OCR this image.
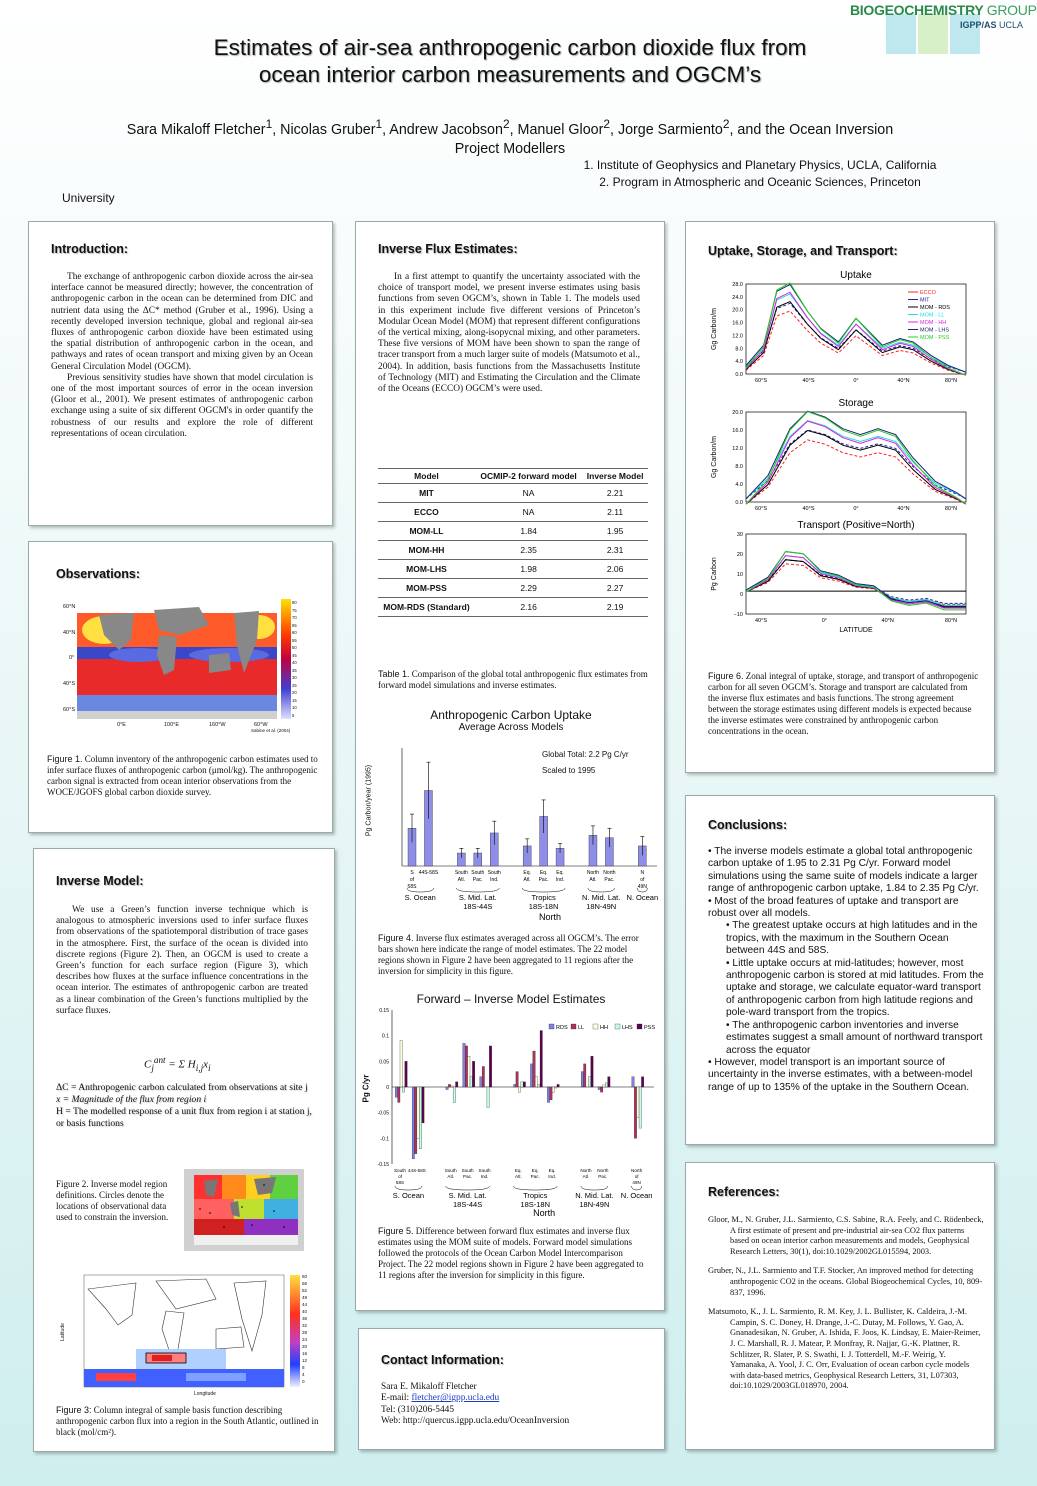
BIOGEOCHEMISTRY GROUP
IGPP/AS UCLA
Estimates of air-sea anthropogenic carbon dioxide flux from
ocean interior carbon measurements and OGCM’s
Sara Mikaloff Fletcher$^1$, Nicolas Gruber$^1$, Andrew Jacobson$^2$, Manuel Gloor$^2$, Jorge Sarmiento$^2$, and the Ocean Inversion
Project Modellers
1. Institute of Geophysics and Planetary Physics, UCLA, California
2. Program in Atmospheric and Oceanic Sciences, Princeton
University
Introduction:

The exchange of anthropogenic carbon dioxide across the air-sea interface cannot be measured directly; however, the concentration of anthropogenic carbon in the ocean can be determined from DIC and nutrient data using the ΔC* method (Gruber et al., 1996). Using a recently developed inversion technique, global and regional air-sea fluxes of anthropogenic carbon dioxide have been estimated using the spatial distribution of anthropogenic carbon in the ocean, and pathways and rates of ocean transport and mixing given by an Ocean General Circulation Model (OGCM).

Previous sensitivity studies have shown that model circulation is one of the most important sources of error in the ocean inversion (Gloor et al., 2001). We present estimates of anthropogenic carbon exchange using a suite of six different OGCM's in order quantify the robustness of our results and explore the role of different representations of ocean circulation.

Observations:
60°N
40°N
0°
40°S
60°S
0°E	100°E	160°W	60°W
Sabine et al. (2004)
80
75
70
65
60
55
50
45
40
35
30
25
20
15
10
5
Figure 1. Column inventory of the anthropogenic carbon estimates used to infer surface fluxes of anthropogenic carbon (μmol/kg). The anthropogenic carbon signal is extracted from ocean interior observations from the WOCE/JGOFS global carbon dioxide survey.
Inverse Model:

We use a Green’s function inverse technique which is analogous to atmospheric inversions used to infer surface fluxes from observations of the spatiotemporal distribution of trace gases in the atmosphere. First, the surface of the ocean is divided into discrete regions (Figure 2). Then, an OGCM is used to create a Green’s function for each surface region (Figure 3), which describes how fluxes at the surface influence concentrations in the ocean interior. The estimates of anthropogenic carbon are treated as a linear combination of the Green’s functions multiplied by the surface fluxes.

$C_j^{ant} = \Sigma$ $H_{i,j}x_i$
ΔC = Anthropogenic carbon calculated from observations at site j
x = Magnitude of the flux from region i
H = The modelled response of a unit flux from region i at station j, or basis functions
Figure 2. Inverse model region definitions. Circles denote the locations of observational data used to constrain the inversion.
Longitude
Latitude
60
56
52
48
44
40
36
32
28
24
20
16
12
8
4
0
Figure 3: Column integral of sample basis function describing anthropogenic carbon flux into a region in the South Atlantic, outlined in black (mol/cm²).
Inverse Flux Estimates:

In a first attempt to quantify the uncertainty associated with the choice of transport model, we present inverse estimates using basis functions from seven OGCM’s, shown in Table 1. The models used in this experiment include five different versions of Princeton’s Modular Ocean Model (MOM) that represent different configurations of the vertical mixing, along-isopycnal mixing, and other parameters. These five versions of MOM have been shown to span the range of tracer transport from a much larger suite of models (Matsumoto et al., 2004). In addition, basis functions from the Massachusetts Institute of Technology (MIT) and Estimating the Circulation and the Climate of the Oceans (ECCO) OGCM’s were used.

Model	OCMIP-2 forward model	Inverse Model
MIT	NA	2.21
ECCO	NA	2.11
MOM-LL	1.84	1.95
MOM-HH	2.35	2.31
MOM-LHS	1.98	2.06
MOM-PSS	2.29	2.27
MOM-RDS (Standard)	2.16	2.19
Table 1. Comparison of the global total anthropogenic flux estimates from forward model simulations and inverse estimates.
Anthropogenic Carbon Uptake
Average Across Models
Global Total: 2.2 Pg C/yr
Scaled to 1995
Pg Carbon/year (1995)
S
of
58S
44S-58S	South
Atl.
South
Pac.
South
Ind.
Eq.
Atl.
Eq.
Pac.
Eq.
Ind.
North
Atl.
North
Pac.
N
of
49N
S. Ocean	S. Mid. Lat.
18S-44S
Tropics
18S-18N
N. Mid. Lat.
18N-49N
N. Ocean
North
Figure 4. Inverse flux estimates averaged across all OGCM’s. The error bars shown here indicate the range of model estimates. The 22 model regions shown in Figure 2 have been aggregated to 11 regions after the inversion for simplicity in this figure.
Forward – Inverse Model Estimates
Pg C/yr
0.15
0.1
0.05
0
-0.05
-0.1
-0.15
RDS LL	HH	LHS PSS
South
of
58S
44S-58S	South
Atl.
South
Pac.
South
Ind.
Eq.
Atl.
Eq.
Pac.
Eq.
Ind.
North
Atl.
North
Pac.
North
of
49N
S. Ocean	S. Mid. Lat.
18S-44S
Tropics
18S-18N
N. Mid. Lat.
18N-49N
N. Ocean
North
Figure 5. Difference between forward flux estimates and inverse flux estimates using the MOM suite of models. Forward model simulations followed the protocols of the Ocean Carbon Model Intercomparison Project. The 22 model regions shown in Figure 2 have been aggregated to 11 regions after the inversion for simplicity in this figure.
Contact Information:
Sara E. Mikaloff Fletcher
E-mail: fletcher@igpp.ucla.edu
Tel: (310)206-5445
Web: http://quercus.igpp.ucla.edu/OceanInversion
Uptake, Storage, and Transport:
Uptake
28.0
24.0
20.0
16.0
12.0
8.0
4.0
0.0
60°S	40°S	0°	40°N	80°N
Gg Carbon/m
ECCO
MIT
MOM - RDS
MOM - LL
MOM - HH
MOM - LHS
MOM - PSS
Storage
20.0
16.0
12.0
8.0
4.0
0.0
60°S	40°S	0°	40°N	80°N
Gg Carbon/m
Transport (Positive=North)
30
20
10
0
−10
40°S	0°	40°N	80°N
Pg Carbon
LATITUDE
Figure 6. Zonal integral of uptake, storage, and transport of anthropogenic carbon for all seven OGCM’s. Storage and transport are calculated from the inverse flux estimates and basis functions. The strong agreement between the storage estimates using different models is expected because the inverse estimates were constrained by anthropogenic carbon concentrations in the ocean.
Conclusions:
• The inverse models estimate a global total anthropogenic carbon uptake of 1.95 to 2.31 Pg C/yr. Forward model simulations using the same suite of models indicate a larger range of anthropogenic carbon uptake, 1.84 to 2.35 Pg C/yr.
• Most of the broad features of uptake and transport are robust over all models.
• The greatest uptake occurs at high latitudes and in the tropics, with the maximum in the Southern Ocean between 44S and 58S.
• Little uptake occurs at mid-latitudes; however, most anthropogenic carbon is stored at mid latitudes. From the uptake and storage, we calculate equator-ward transport of anthropogenic carbon from high latitude regions and pole-ward transport from the tropics.
• The anthropogenic carbon inventories and inverse estimates suggest a small amount of northward transport across the equator
• However, model transport is an important source of uncertainty in the inverse estimates, with a between-model range of up to 135% of the uptake in the Southern Ocean.
References:

Gloor, M., N. Gruber, J.L. Sarmiento, C.S. Sabine, R.A. Feely, and C. Rödenbeck, A first estimate of present and pre-industrial air-sea CO2 flux patterns based on ocean interior carbon measurements and models, Geophysical Research Letters, 30(1), doi:10.1029/2002GL015594, 2003.

Gruber, N., J.L. Sarmiento and T.F. Stocker, An improved method for detecting anthropogenic CO2 in the oceans. Global Biogeochemical Cycles, 10, 809-837, 1996.

Matsumoto, K., J. L. Sarmiento, R. M. Key, J. L. Bullister, K. Caldeira, J.-M. Campin, S. C. Doney, H. Drange, J.-C. Dutay, M. Follows, Y. Gao, A. Gnanadesikan, N. Gruber, A. Ishida, F. Joos, K. Lindsay, E. Maier-Reimer, J. C. Marshall, R. J. Matear, P. Monfray, R. Najjar, G.-K. Plattner, R. Schlitzer, R. Slater, P. S. Swathi, I. J. Totterdell, M.-F. Weirig, Y. Yamanaka, A. Yool, J. C. Orr, Evaluation of ocean carbon cycle models with data-based metrics, Geophysical Research Letters, 31, L07303, doi:10.1029/2003GL018970, 2004.
